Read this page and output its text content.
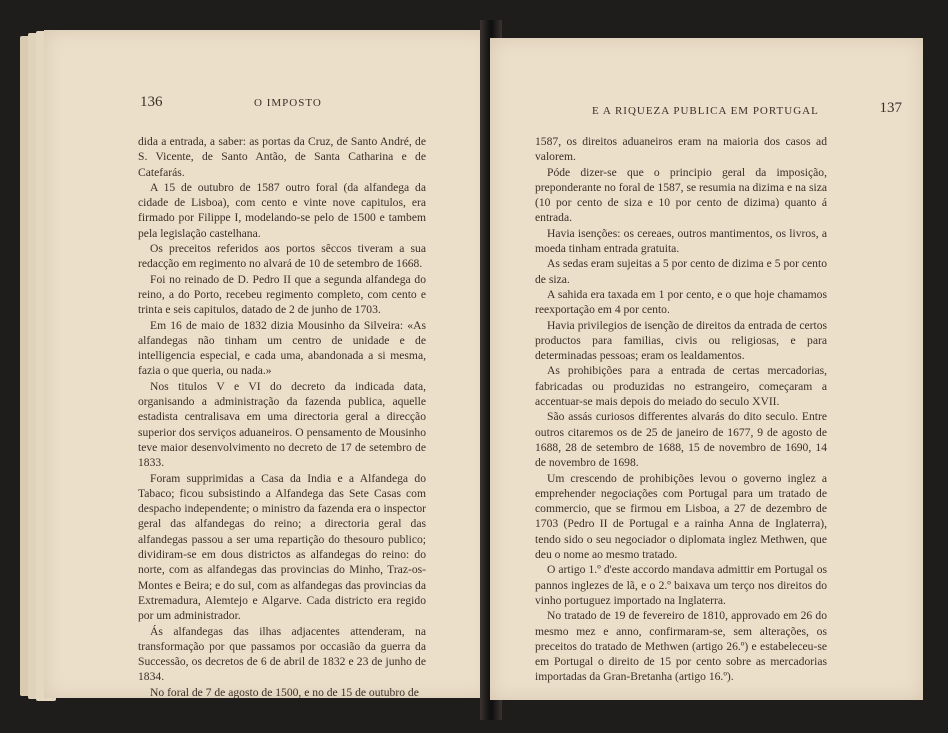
136	O IMPOSTO

dida a entrada, a saber: as portas da Cruz, de Santo André, de S. Vicente, de Santo Antão, de Santa Catharina e de Catefarás.

A 15 de outubro de 1587 outro foral (da alfandega da cidade de Lisboa), com cento e vinte nove capitulos, era firmado por Filippe I, modelando-se pelo de 1500 e tambem pela legislação castelhana.

Os preceitos referidos aos portos sêccos tiveram a sua redacção em regimento no alvará de 10 de setembro de 1668.

Foi no reinado de D. Pedro II que a segunda alfandega do reino, a do Porto, recebeu regimento completo, com cento e trinta e seis capitulos, datado de 2 de junho de 1703.

Em 16 de maio de 1832 dizia Mousinho da Silveira: «As alfandegas não tinham um centro de unidade e de intelligencia especial, e cada uma, abandonada a si mesma, fazia o que queria, ou nada.»

Nos titulos V e VI do decreto da indicada data, organisando a administração da fazenda publica, aquelle estadista centralisava em uma directoria geral a direcção superior dos serviços aduaneiros. O pensamento de Mousinho teve maior desenvolvimento no decreto de 17 de setembro de 1833.

Foram supprimidas a Casa da India e a Alfandega do Tabaco; ficou subsistindo a Alfandega das Sete Casas com despacho independente; o ministro da fazenda era o inspector geral das alfandegas do reino; a directoria geral das alfandegas passou a ser uma repartição do thesouro publico; dividiram-se em dous districtos as alfandegas do reino: do norte, com as alfandegas das provincias do Minho, Traz-os-Montes e Beira; e do sul, com as alfandegas das provincias da Extremadura, Alemtejo e Algarve. Cada districto era regido por um administrador.

Ás alfandegas das ilhas adjacentes attenderam, na transformação por que passamos por occasião da guerra da Successão, os decretos de 6 de abril de 1832 e 23 de junho de 1834.

No foral de 7 de agosto de 1500, e no de 15 de outubro de

E A RIQUEZA PUBLICA EM PORTUGAL	137

1587, os direitos aduaneiros eram na maioria dos casos ad valorem.

Póde dizer-se que o principio geral da imposição, preponderante no foral de 1587, se resumia na dizima e na siza (10 por cento de siza e 10 por cento de dizima) quanto á entrada.

Havia isenções: os cereaes, outros mantimentos, os livros, a moeda tinham entrada gratuita.

As sedas eram sujeitas a 5 por cento de dizima e 5 por cento de siza.

A sahida era taxada em 1 por cento, e o que hoje chamamos reexportação em 4 por cento.

Havia privilegios de isenção de direitos da entrada de certos productos para familias, civis ou religiosas, e para determinadas pessoas; eram os lealdamentos.

As prohibições para a entrada de certas mercadorias, fabricadas ou produzidas no estrangeiro, começaram a accentuar-se mais depois do meiado do seculo XVII.

São assás curiosos differentes alvarás do dito seculo. Entre outros citaremos os de 25 de janeiro de 1677, 9 de agosto de 1688, 28 de setembro de 1688, 15 de novembro de 1690, 14 de novembro de 1698.

Um crescendo de prohibições levou o governo inglez a emprehender negociações com Portugal para um tratado de commercio, que se firmou em Lisboa, a 27 de dezembro de 1703 (Pedro II de Portugal e a rainha Anna de Inglaterra), tendo sido o seu negociador o diplomata inglez Methwen, que deu o nome ao mesmo tratado.

O artigo 1.º d'este accordo mandava admittir em Portugal os pannos inglezes de lã, e o 2.º baixava um terço nos direitos do vinho portuguez importado na Inglaterra.

No tratado de 19 de fevereiro de 1810, approvado em 26 do mesmo mez e anno, confirmaram-se, sem alterações, os preceitos do tratado de Methwen (artigo 26.º) e estabeleceu-se em Portugal o direito de 15 por cento sobre as mercadorias importadas da Gran-Bretanha (artigo 16.º).
